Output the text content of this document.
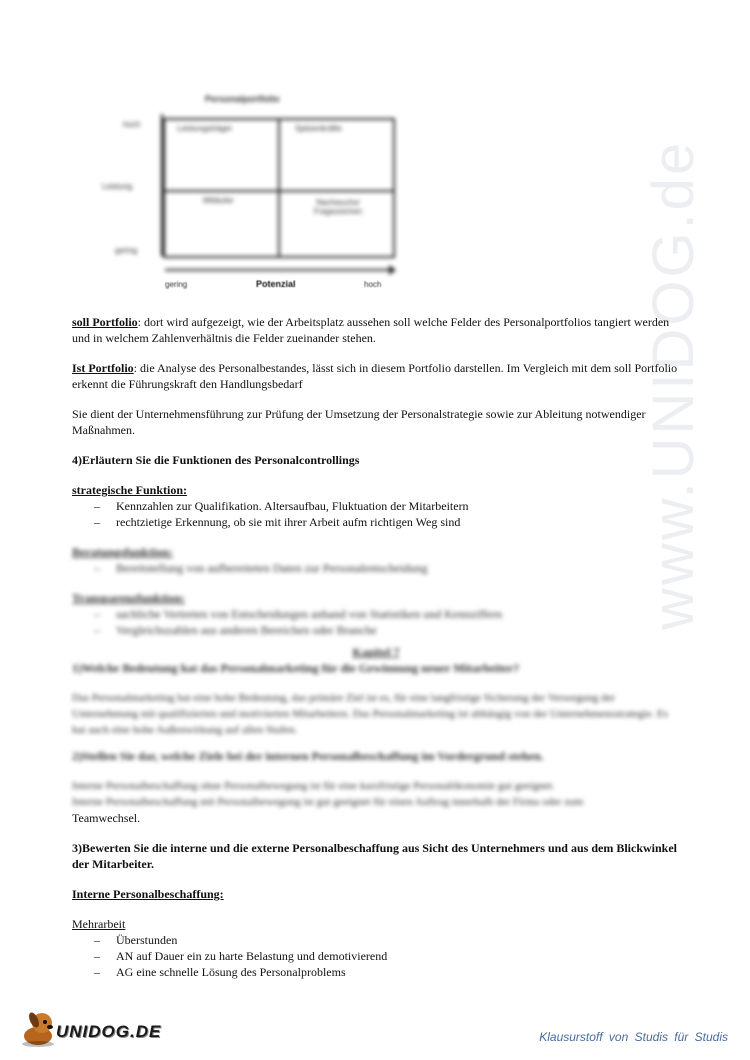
www.UNIDOG.de
Personalportfolio
hoch
Leistung
gering
Leistungsträger	Spitzenkräfte
Mitläufer	Nachwuchs/ Fragezeichen
gering	Potenzial	hoch
soll Portfolio: dort wird aufgezeigt, wie der Arbeitsplatz aussehen soll welche Felder des Personalportfolios tangiert werden und in welchem Zahlenverhältnis die Felder zueinander stehen.
Ist Portfolio: die Analyse des Personalbestandes, lässt sich in diesem Portfolio darstellen. Im Vergleich mit dem soll Portfolio erkennt die Führungskraft den Handlungsbedarf
Sie dient der Unternehmensführung zur Prüfung der Umsetzung der Personalstrategie sowie zur Ableitung notwendiger Maßnahmen.
4)Erläutern Sie die Funktionen des Personalcontrollings
strategische Funktion:
– Kennzahlen zur Qualifikation. Altersaufbau, Fluktuation der Mitarbeitern
– rechtzietige Erkennung, ob sie mit ihrer Arbeit aufm richtigen Weg sind
Beratungsfunktion:
– Bereitstellung von aufbereiteten Daten zur Personalentscheidung
Transparenzfunktion:
– sachliche Vertreten von Entscheidungen anhand von Statistiken und Kennziffern
– Vergleichszahlen aus anderen Bereichen oder Branche
Kapitel 7
1)Welche Bedeutung hat das Personalmarketing für die Gewinnung neuer Mitarbeiter?
Das Personalmarketing hat eine hohe Bedeutung, das primäre Ziel ist es, für eine langfristige Sicherung der Versorgung der Unternehmung mit qualifizierten und motivierten Mitarbeitern. Das Personalmarketing ist abhängig von der Unternehmensstrategie. Es hat auch eine hohe Außenwirkung auf allen Stufen.
2)Stellen Sie dar, welche Ziele bei der internen Personalbeschaffung im Vordergrund stehen.
Interne Personalbeschaffung ohne Personalbewegung ist für eine kurzfristige Personalökonomie gut geeignet.
Interne Personalbeschaffung mit Personalbewegung ist gut geeignet für einen Auftrag innerhalb der Firma oder zum
Teamwechsel.
3)Bewerten Sie die interne und die externe Personalbeschaffung aus Sicht des Unternehmers und aus dem Blickwinkel der Mitarbeiter.
Interne Personalbeschaffung:
Mehrarbeit
– Überstunden
– AN auf Dauer ein zu harte Belastung und demotivierend
– AG eine schnelle Lösung des Personalproblems
UNIDOG.DE	Klausurstoff von Studis für Studis
